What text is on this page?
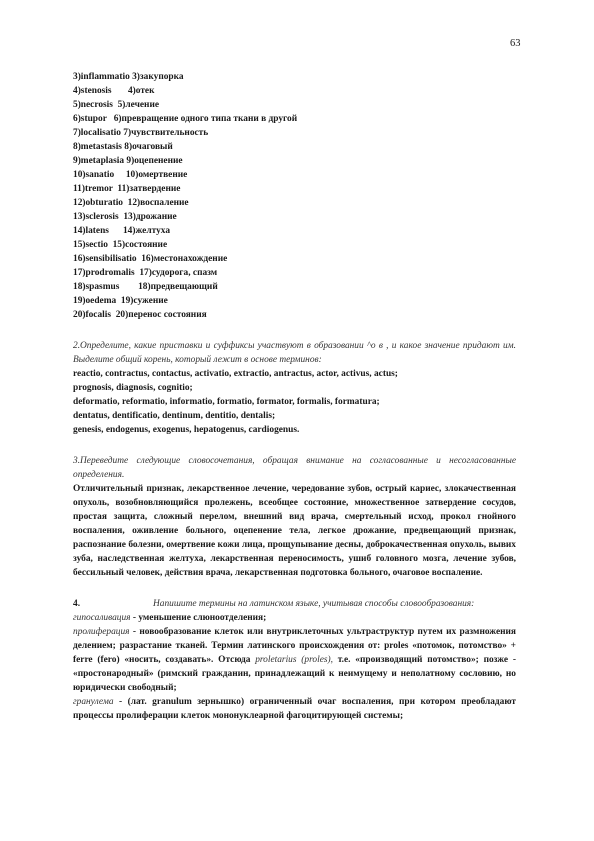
63
3)inflammatio 3)закупорка
4)stenosis       4)отек
5)necrosis  5)лечение
6)stupor   6)превращение одного типа ткани в другой
7)localisatio 7)чувствительность
8)metastasis 8)очаговый
9)metaplasia 9)оцепенение
10)sanatio     10)омертвение
11)tremor  11)затвердение
12)obturatio  12)воспаление
13)sclerosis  13)дрожание
14)latens      14)желтуха
15)sectio  15)состояние
16)sensibilisatio  16)местонахождение
17)prodromalis  17)судорога, спазм
18)spasmus        18)предвещающий
19)oedema  19)сужение
20)focalis  20)перенос состояния

2.Определите, какие приставки и суффиксы участвуют в образовании ^о в , и какое значение придают им. Выделите общий корень, который лежит в основе терминов:

reactio, contractus, contactus, activatio, extractio, antractus, actor, activus, actus;
prognosis, diagnosis, cognitio;
deformatio, reformatio, informatio, formatio, formator, formalis, formatura;
dentatus, dentificatio, dentinum, dentitio, dentalis;
genesis, endogenus, exogenus, hepatogenus, cardiogenus.

3.Переведите следующие словосочетания, обращая внимание на согласованные и несогласованные определения.

Отличительный признак, лекарственное лечение, чередование зубов, острый кариес, злокачественная опухоль, возобновляющийся пролежень, всеобщее состояние, множественное затвердение сосудов, простая защита, сложный перелом, внешний вид врача, смертельный исход, прокол гнойного воспаления, оживление больного, оцепенение тела, легкое дрожание, предвещающий признак, распознание болезни, омертвение кожи лица, прощупывание десны, доброкачественная опухоль, вывих зуба, наследственная желтуха, лекарственная переносимость, ушиб головного мозга, лечение зубов, бессильный человек, действия врача, лекарственная подготовка больного, очаговое воспаление.

4.	Напишите термины на латинском языке, учитывая способы словообразования:

гипосаливация - уменьшение слюноотделения;

пролиферация - новообразование клеток или внутриклеточных ультраструктур путем их размножения делением; разрастание тканей. Термин латинского происхождения от: proles «потомок, потомство» + ferre (fero) «носить, создавать». Отсюда proletarius (proles), т.е. «производящий потомство»; позже - «простонародный» (римский гражданин, принадлежащий к неимущему и неполатному сословию, но юридически свободный;

гранулема - (лат. granulum зернышко) ограниченный очаг воспаления, при котором преобладают процессы пролиферации клеток мононуклеарной фагоцитирующей системы;
